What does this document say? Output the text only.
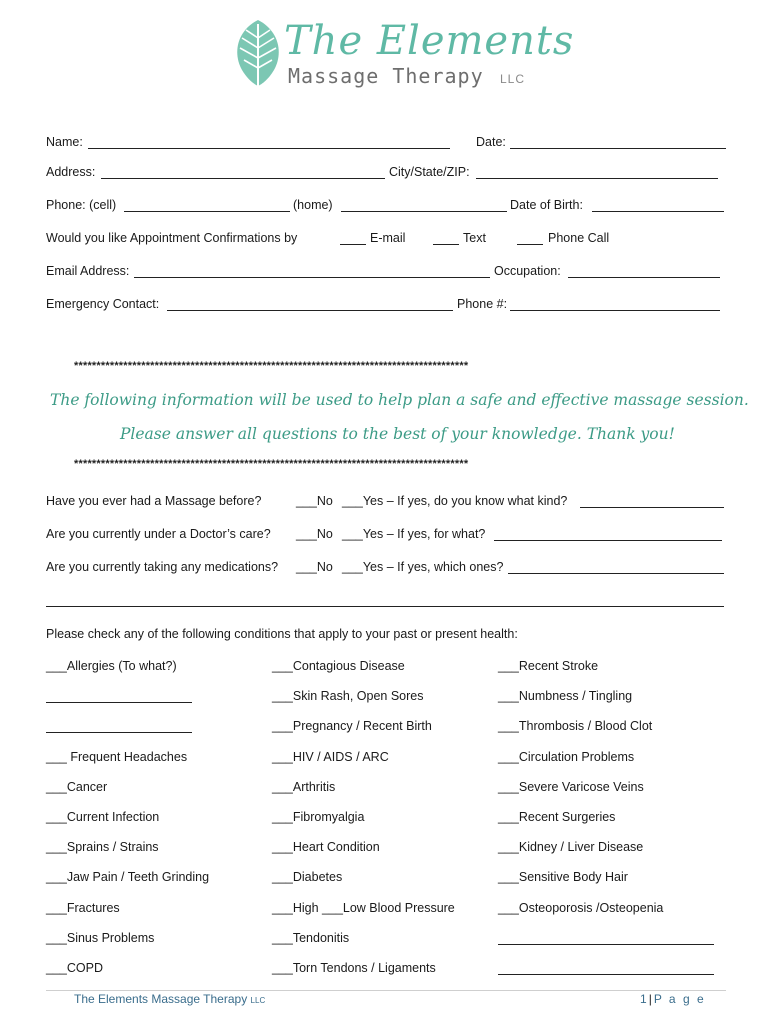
The Elements
Massage Therapy LLC
Name:	Date:
Address:	City/State/ZIP:
Phone: (cell)	(home)	Date of Birth:
Would you like Appointment Confirmations by	E-mail	Text	Phone Call
Email Address:	Occupation:
Emergency Contact:	Phone #:
****************************************************************************************
The following information will be used to help plan a safe and effective massage session.
Please answer all questions to the best of your knowledge. Thank you!
****************************************************************************************
Have you ever had a Massage before?	___No ___Yes – If yes, do you know what kind?
Are you currently under a Doctor’s care? ___No ___Yes – If yes, for what?
Are you currently taking any medications? ___No ___Yes – If yes, which ones?
Please check any of the following conditions that apply to your past or present health:
___Allergies (To what?)
___ Frequent Headaches
___Cancer
___Current Infection
___Sprains / Strains
___Jaw Pain / Teeth Grinding
___Fractures
___Sinus Problems
___COPD
___Contagious Disease
___Skin Rash, Open Sores
___Pregnancy / Recent Birth
___HIV / AIDS / ARC
___Arthritis
___Fibromyalgia
___Heart Condition
___Diabetes
___High ___Low Blood Pressure
___Tendonitis
___Torn Tendons / Ligaments
___Recent Stroke
___Numbness / Tingling
___Thrombosis / Blood Clot
___Circulation Problems
___Severe Varicose Veins
___Recent Surgeries
___Kidney / Liver Disease
___Sensitive Body Hair
___Osteoporosis /Osteopenia
The Elements Massage Therapy LLC	1|P a g e
